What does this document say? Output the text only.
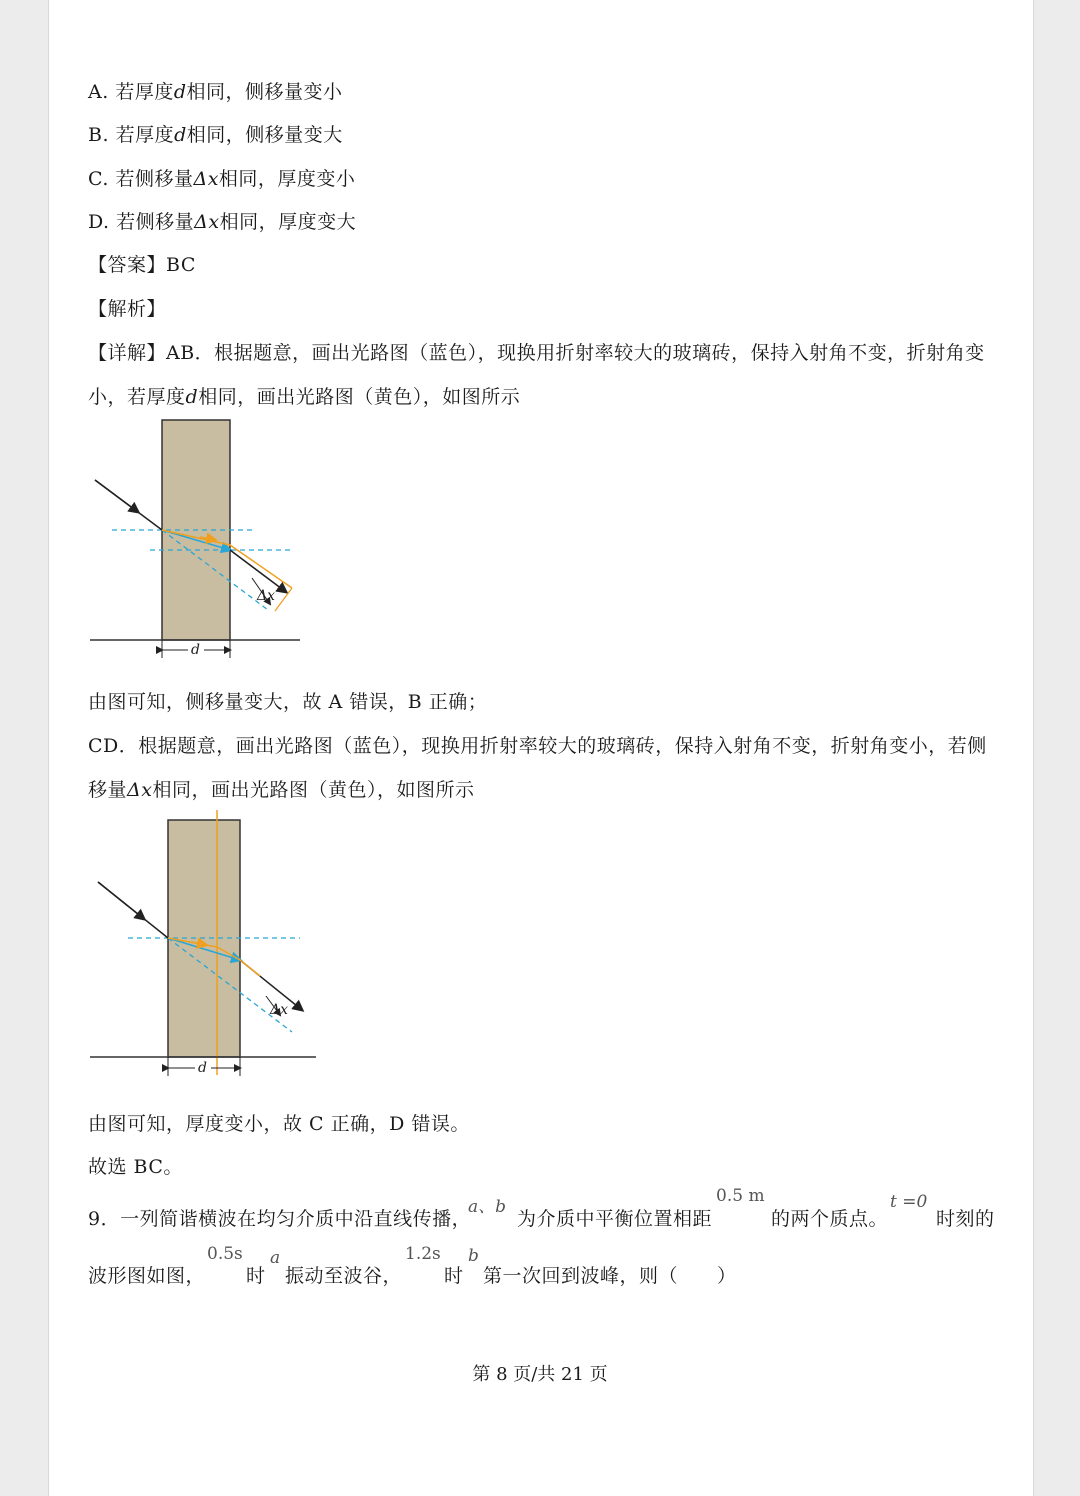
A. 若厚度d相同，侧移量变小
B. 若厚度d相同，侧移量变大
C. 若侧移量Δx相同，厚度变小
D. 若侧移量Δx相同，厚度变大
【答案】BC
【解析】
【详解】AB．根据题意，画出光路图（蓝色），现换用折射率较大的玻璃砖，保持入射角不变，折射角变
小，若厚度d相同，画出光路图（黄色），如图所示
Δx
d
由图可知，侧移量变大，故 A 错误，B 正确；
CD．根据题意，画出光路图（蓝色），现换用折射率较大的玻璃砖，保持入射角不变，折射角变小，若侧
移量Δx相同，画出光路图（黄色），如图所示
Δx
d
由图可知，厚度变小，故 C 正确，D 错误。
故选 BC。
9．一列简谐横波在均匀介质中沿直线传播，
a、b
为介质中平衡位置相距
0.5 m
的两个质点。
t =0
时刻的
波形图如图，
0.5s
时
a
振动至波谷，
1.2s
时
b
第一次回到波峰，则（　　）
第 8 页/共 21 页
